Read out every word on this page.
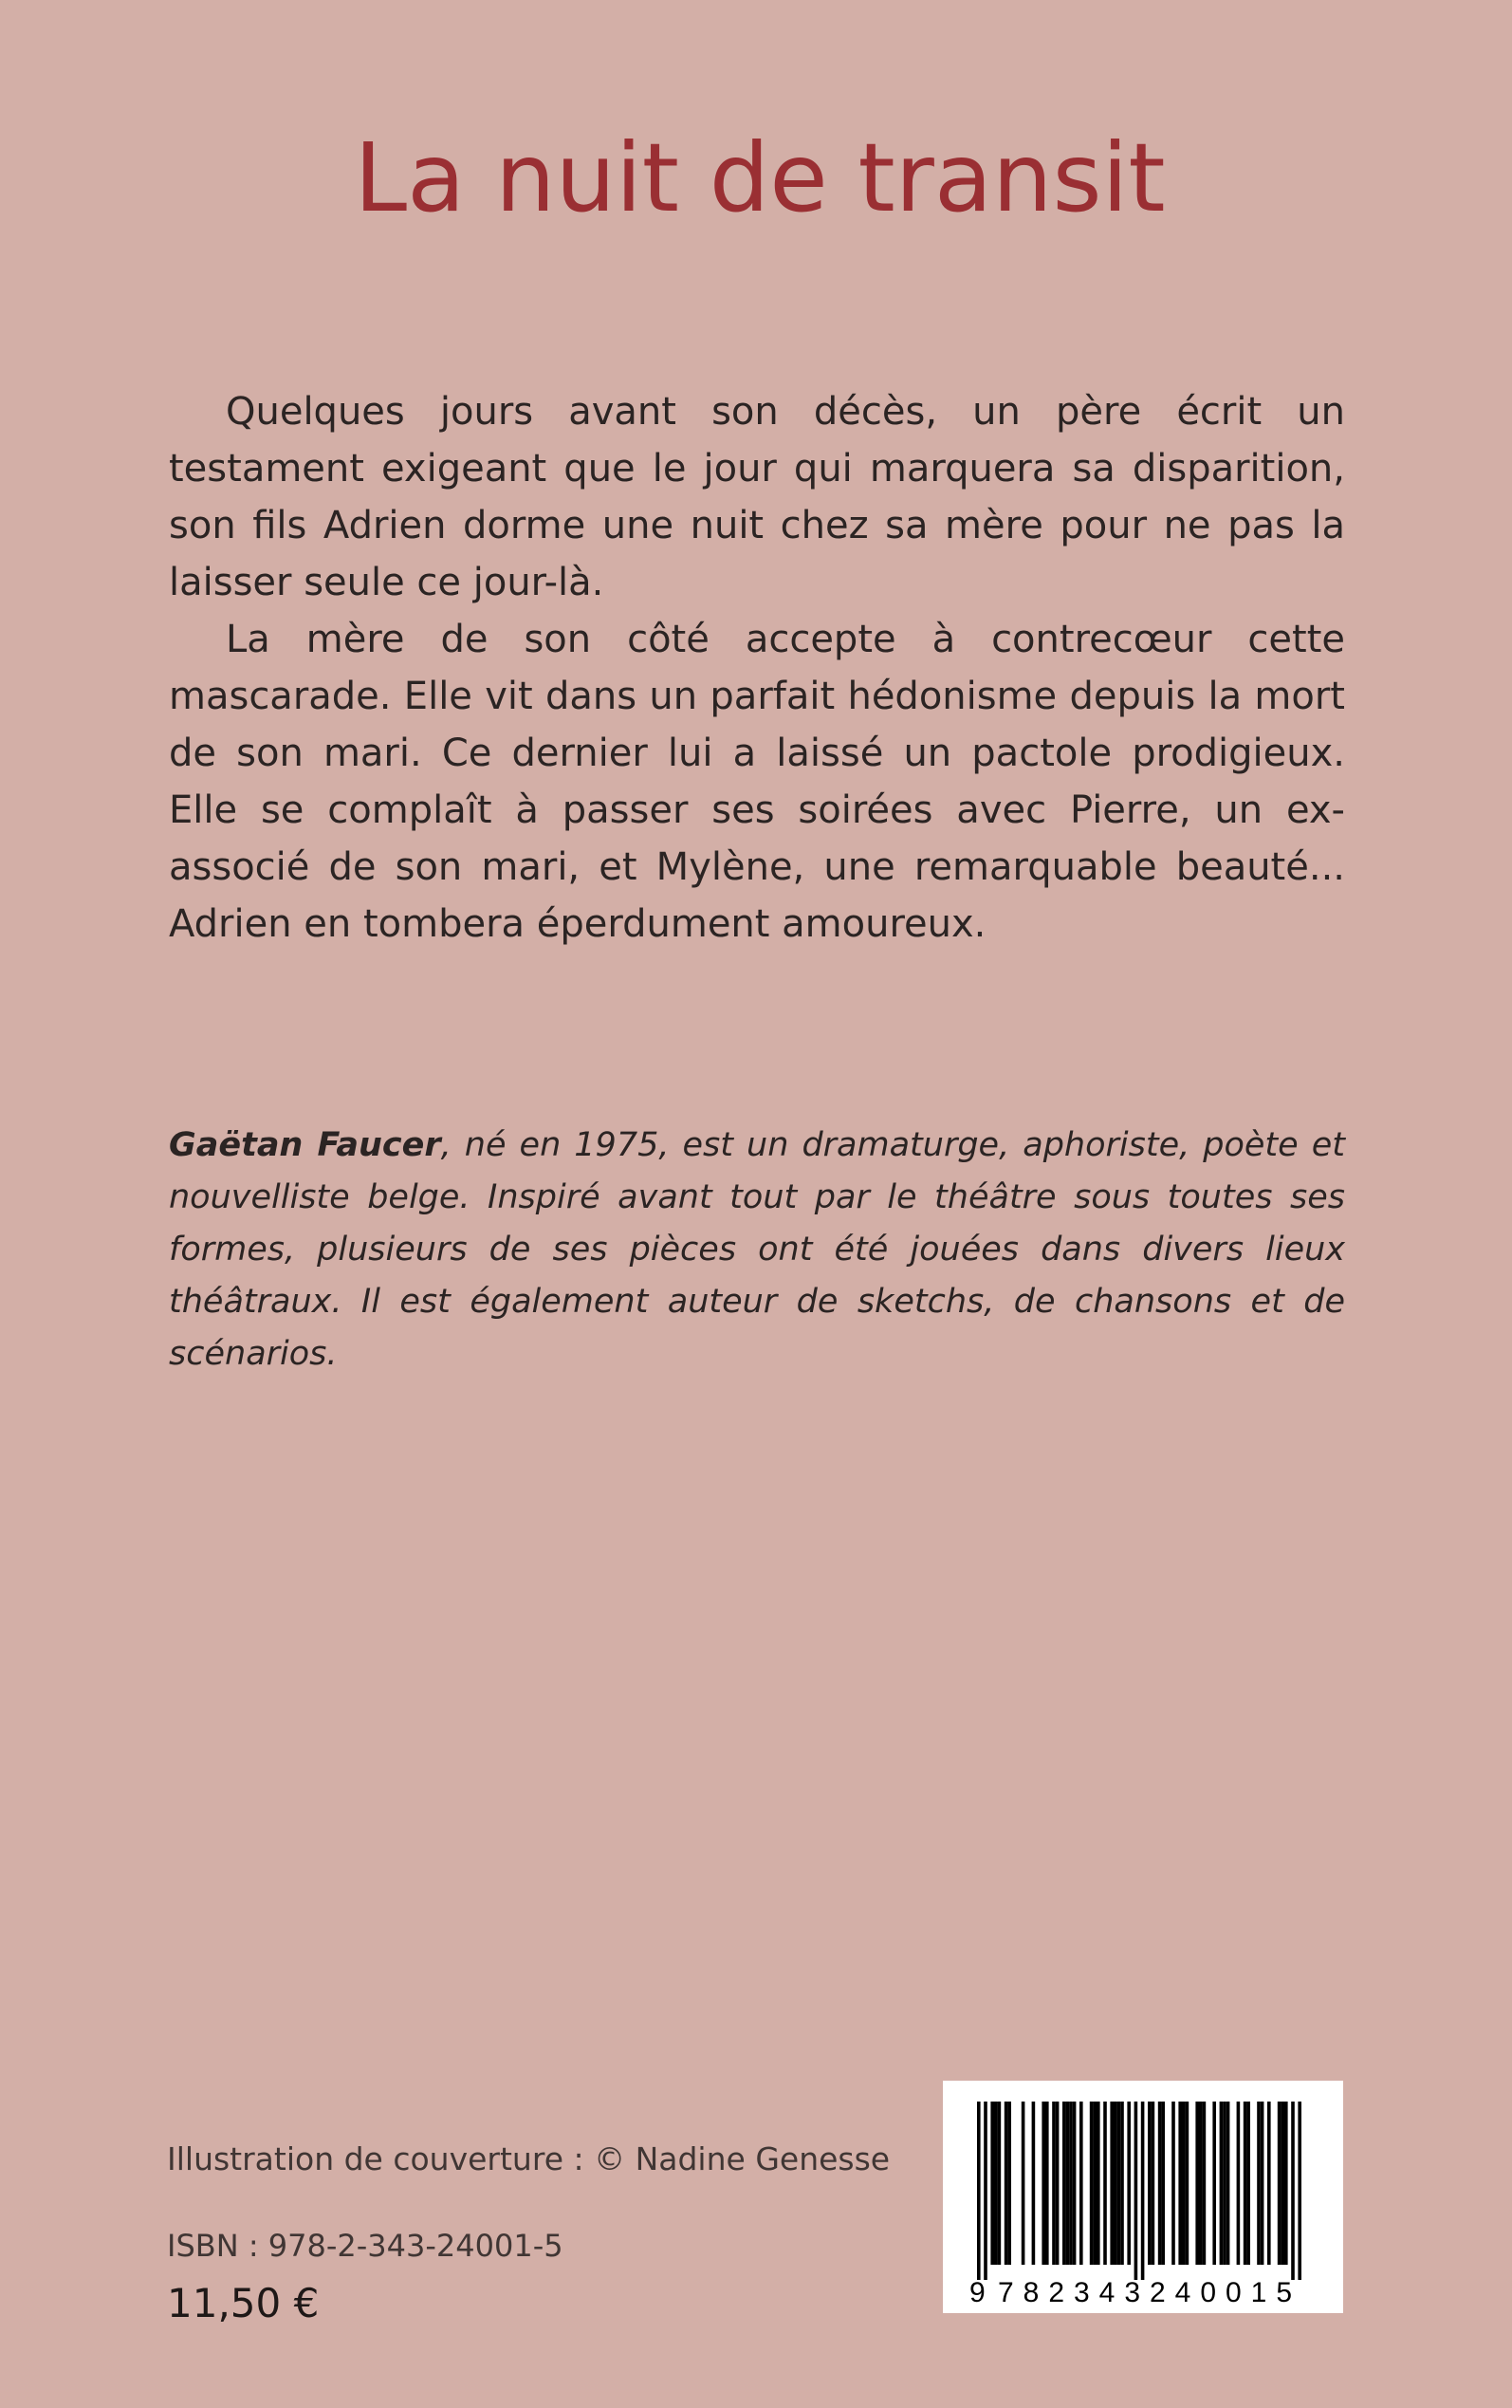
La nuit de transit

Quelques jours avant son décès, un père écrit un testament exigeant que le jour qui marquera sa disparition, son fils Adrien dorme une nuit chez sa mère pour ne pas la laisser seule ce jour-là.

La mère de son côté accepte à contrecœur cette mascarade. Elle vit dans un parfait hédonisme depuis la mort de son mari. Ce dernier lui a laissé un pactole prodigieux. Elle se complaît à passer ses soirées avec Pierre, un ex-associé de son mari, et Mylène, une remarquable beauté... Adrien en tombera éperdument amoureux.

Gaëtan Faucer, né en 1975, est un dramaturge, aphoriste, poète et nouvelliste belge. Inspiré avant tout par le théâtre sous toutes ses formes, plusieurs de ses pièces ont été jouées dans divers lieux théâtraux. Il est également auteur de sketchs, de chansons et de scénarios.

Illustration de couverture : © Nadine Genesse
ISBN : 978-2-343-24001-5
11,50 €	9 782343 240015
